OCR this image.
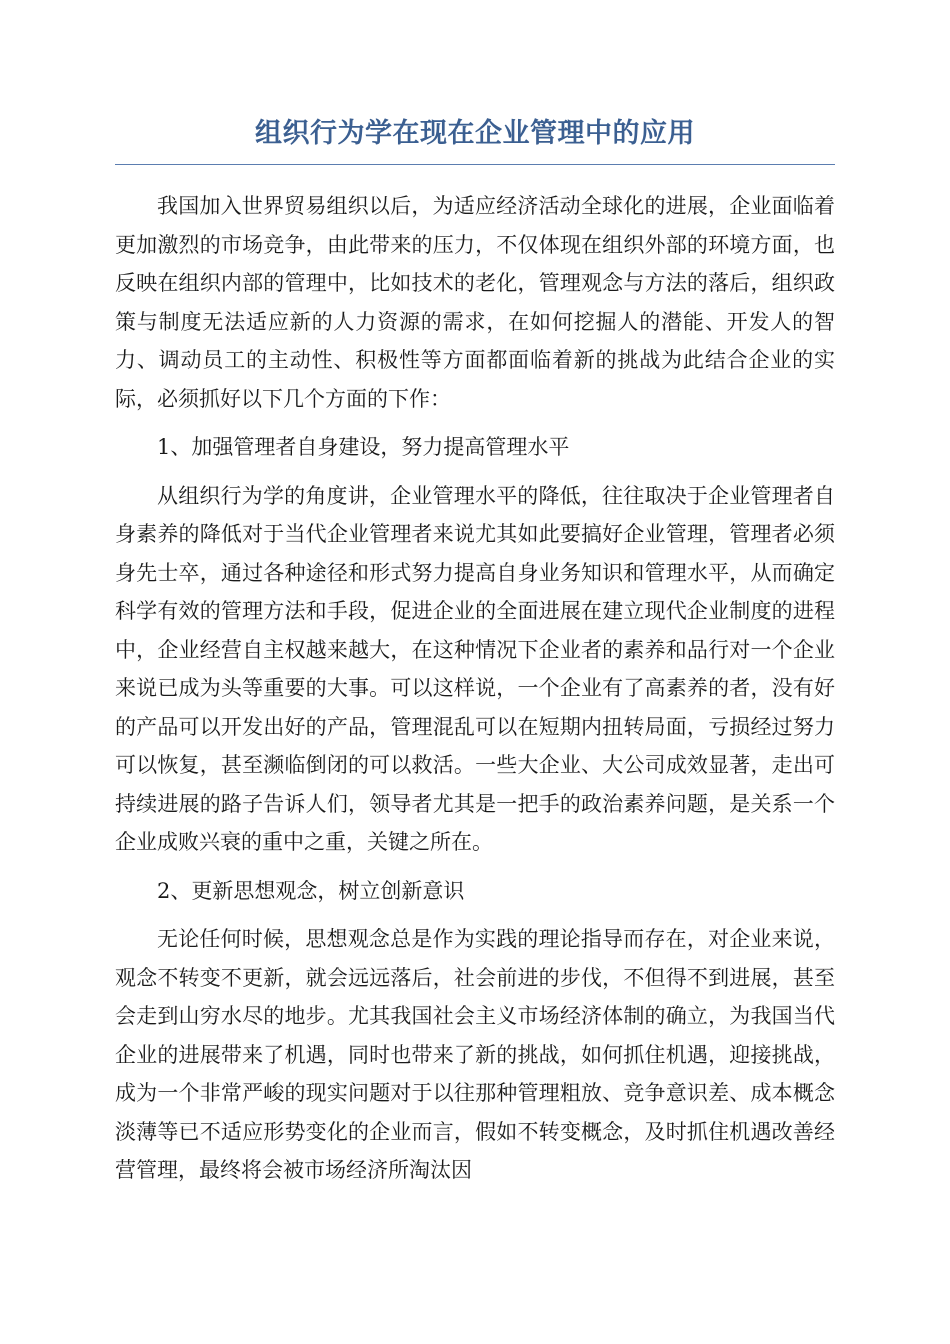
组织行为学在现在企业管理中的应用

我国加入世界贸易组织以后，为适应经济活动全球化的进展，企业面临着更加激烈的市场竞争，由此带来的压力，不仅体现在组织外部的环境方面，也反映在组织内部的管理中，比如技术的老化，管理观念与方法的落后，组织政策与制度无法适应新的人力资源的需求，在如何挖掘人的潜能、开发人的智力、调动员工的主动性、积极性等方面都面临着新的挑战为此结合企业的实际，必须抓好以下几个方面的下作：

1、加强管理者自身建设，努力提高管理水平

从组织行为学的角度讲，企业管理水平的降低，往往取决于企业管理者自身素养的降低对于当代企业管理者来说尤其如此要搞好企业管理，管理者必须身先士卒，通过各种途径和形式努力提高自身业务知识和管理水平，从而确定科学有效的管理方法和手段，促进企业的全面进展在建立现代企业制度的进程中，企业经营自主权越来越大，在这种情况下企业者的素养和品行对一个企业来说已成为头等重要的大事。可以这样说，一个企业有了高素养的者，没有好的产品可以开发出好的产品，管理混乱可以在短期内扭转局面，亏损经过努力可以恢复，甚至濒临倒闭的可以救活。一些大企业、大公司成效显著，走出可持续进展的路子告诉人们，领导者尤其是一把手的政治素养问题，是关系一个企业成败兴衰的重中之重，关键之所在。

2、更新思想观念，树立创新意识

无论任何时候，思想观念总是作为实践的理论指导而存在，对企业来说，观念不转变不更新，就会远远落后，社会前进的步伐，不但得不到进展，甚至会走到山穷水尽的地步。尤其我国社会主义市场经济体制的确立，为我国当代企业的进展带来了机遇，同时也带来了新的挑战，如何抓住机遇，迎接挑战，成为一个非常严峻的现实问题对于以往那种管理粗放、竞争意识差、成本概念淡薄等已不适应形势变化的企业而言，假如不转变概念，及时抓住机遇改善经营管理，最终将会被市场经济所淘汰因
